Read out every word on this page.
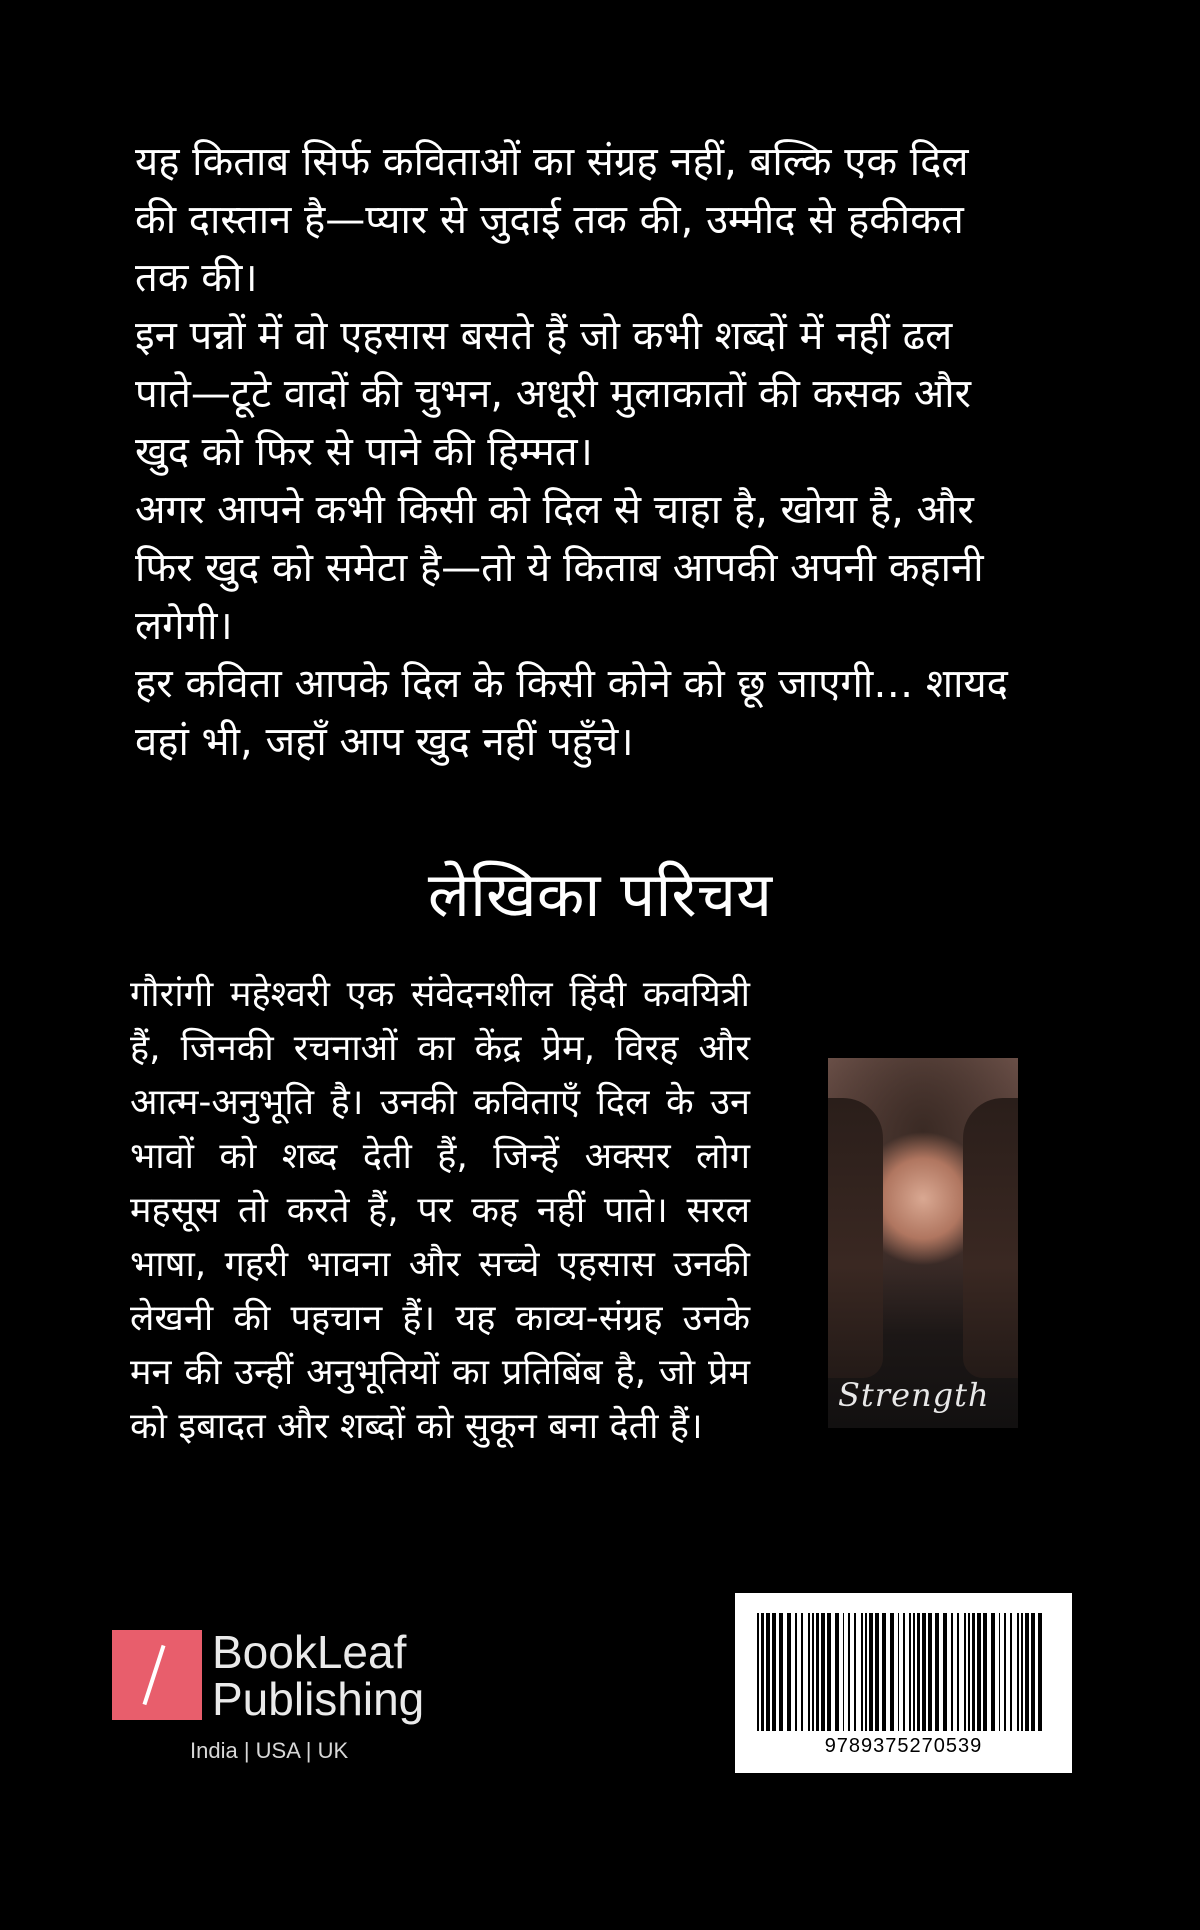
यह किताब सिर्फ कविताओं का संग्रह नहीं, बल्कि एक दिल की दास्तान है—प्यार से जुदाई तक की, उम्मीद से हकीकत तक की।

इन पन्नों में वो एहसास बसते हैं जो कभी शब्दों में नहीं ढल पाते—टूटे वादों की चुभन, अधूरी मुलाकातों की कसक और खुद को फिर से पाने की हिम्मत।

अगर आपने कभी किसी को दिल से चाहा है, खोया है, और फिर खुद को समेटा है—तो ये किताब आपकी अपनी कहानी लगेगी।

हर कविता आपके दिल के किसी कोने को छू जाएगी… शायद वहां भी, जहाँ आप खुद नहीं पहुँचे।

लेखिका परिचय
गौरांगी महेश्वरी एक संवेदनशील हिंदी कवयित्री हैं, जिनकी रचनाओं का केंद्र प्रेम, विरह और आत्म-अनुभूति है। उनकी कविताएँ दिल के उन भावों को शब्द देती हैं, जिन्हें अक्सर लोग महसूस तो करते हैं, पर कह नहीं पाते। सरल भाषा, गहरी भावना और सच्चे एहसास उनकी लेखनी की पहचान हैं। यह काव्य-संग्रह उनके मन की उन्हीं अनुभूतियों का प्रतिबिंब है, जो प्रेम को इबादत और शब्दों को सुकून बना देती हैं।
Strength
BookLeaf
Publishing
India | USA | UK	9789375270539
